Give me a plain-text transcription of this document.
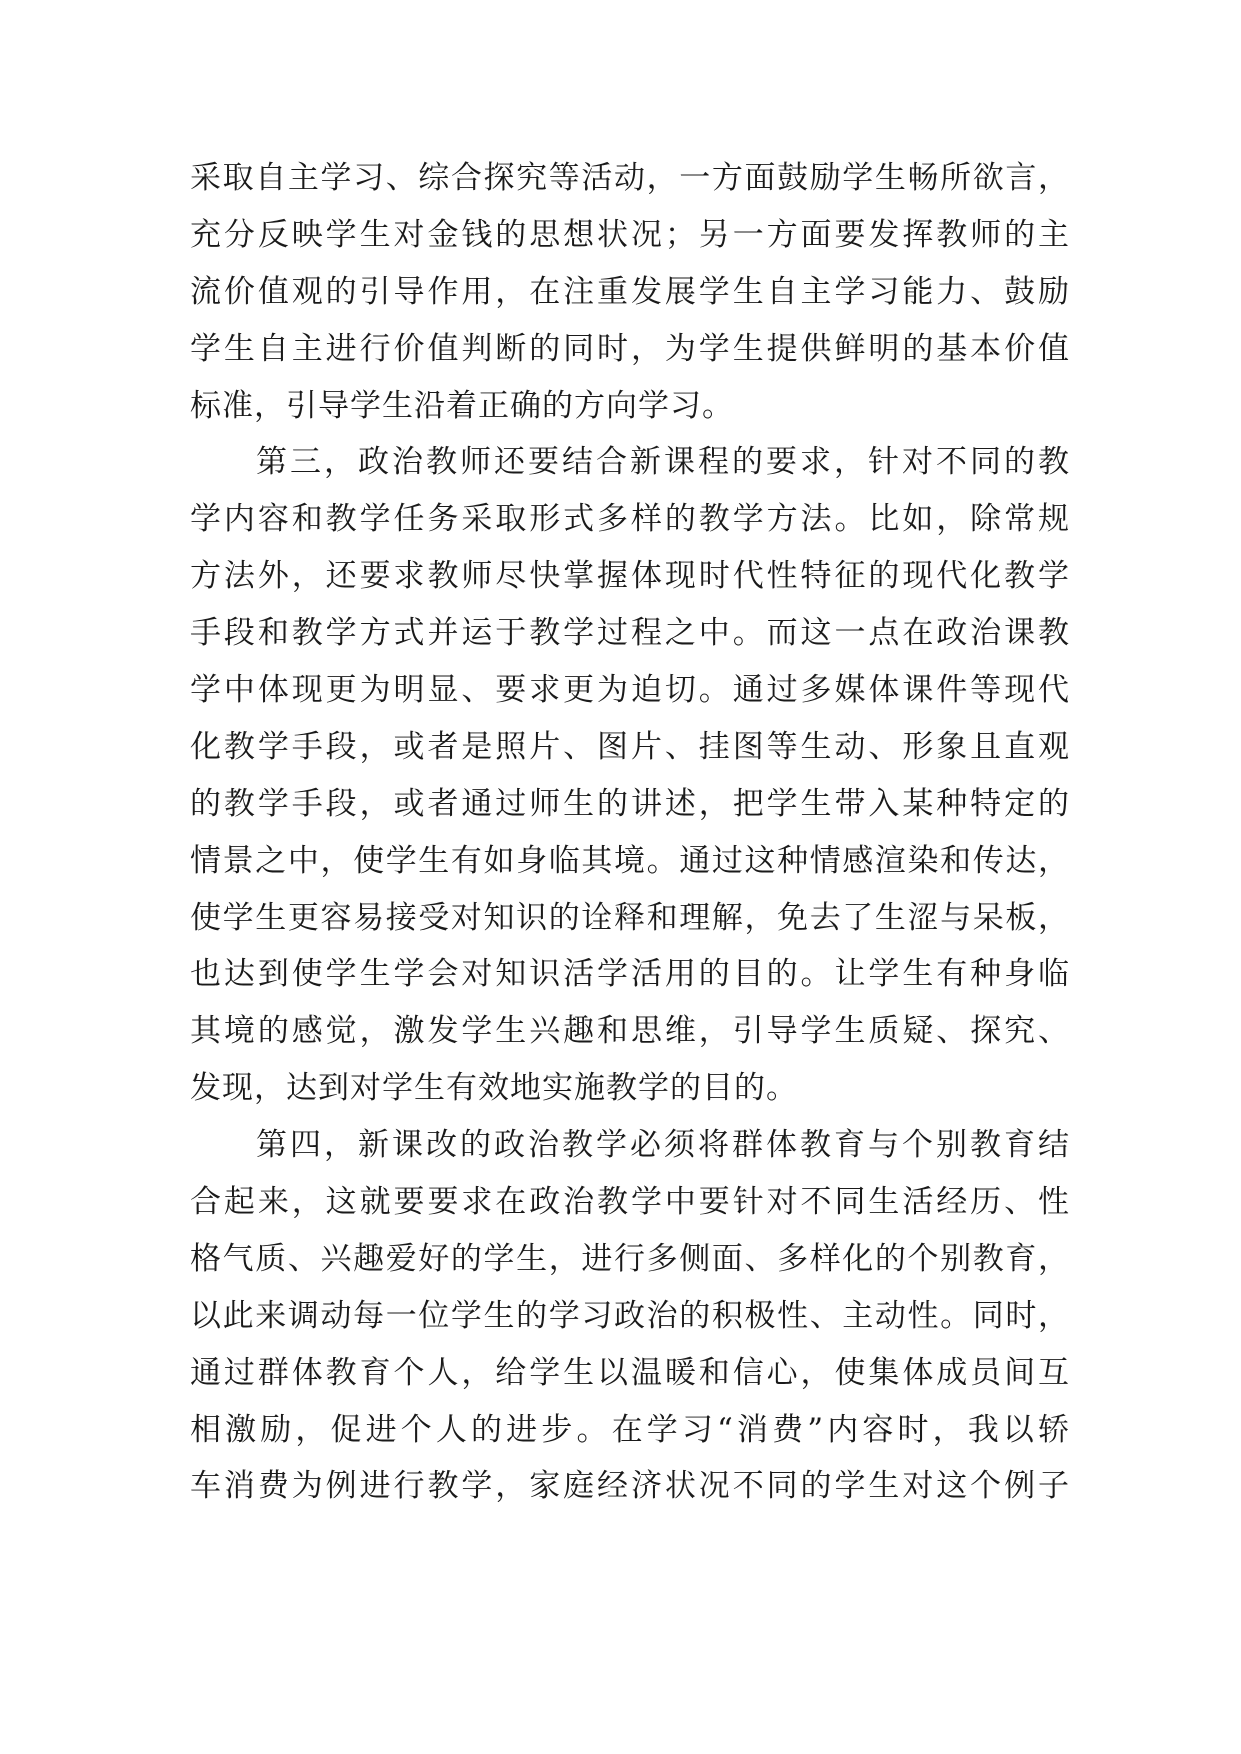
采取自主学习、综合探究等活动，一方面鼓励学生畅所欲言，
充分反映学生对金钱的思想状况；另一方面要发挥教师的主
流价值观的引导作用，在注重发展学生自主学习能力、鼓励
学生自主进行价值判断的同时，为学生提供鲜明的基本价值
标准，引导学生沿着正确的方向学习。
第三，政治教师还要结合新课程的要求，针对不同的教
学内容和教学任务采取形式多样的教学方法。比如，除常规
方法外，还要求教师尽快掌握体现时代性特征的现代化教学
手段和教学方式并运于教学过程之中。而这一点在政治课教
学中体现更为明显、要求更为迫切。通过多媒体课件等现代
化教学手段，或者是照片、图片、挂图等生动、形象且直观
的教学手段，或者通过师生的讲述，把学生带入某种特定的
情景之中，使学生有如身临其境。通过这种情感渲染和传达，
使学生更容易接受对知识的诠释和理解，免去了生涩与呆板，
也达到使学生学会对知识活学活用的目的。让学生有种身临
其境的感觉，激发学生兴趣和思维，引导学生质疑、探究、
发现，达到对学生有效地实施教学的目的。
第四，新课改的政治教学必须将群体教育与个别教育结
合起来，这就要要求在政治教学中要针对不同生活经历、性
格气质、兴趣爱好的学生，进行多侧面、多样化的个别教育，
以此来调动每一位学生的学习政治的积极性、主动性。同时，
通过群体教育个人，给学生以温暖和信心，使集体成员间互
相激励，促进个人的进步。在学习“消费”内容时，我以轿
车消费为例进行教学，家庭经济状况不同的学生对这个例子
